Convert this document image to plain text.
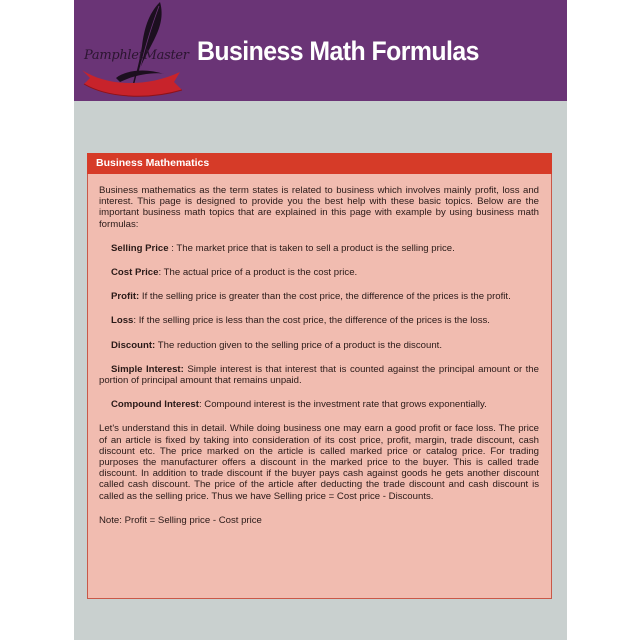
PamphletMaster Business Math Formulas
Business Mathematics

Business mathematics as the term states is related to business which involves mainly profit, loss and interest. This page is designed to provide you the best help with these basic topics. Below are the important business math topics that are explained in this page with example by using business math formulas:

Selling Price : The market price that is taken to sell a product is the selling price.

Cost Price: The actual price of a product is the cost price.

Profit: If the selling price is greater than the cost price, the difference of the prices is the profit.

Loss: If the selling price is less than the cost price, the difference of the prices is the loss.

Discount: The reduction given to the selling price of a product is the discount.

Simple Interest: Simple interest is that interest that is counted against the principal amount or the portion of principal amount that remains unpaid.

Compound Interest: Compound interest is the investment rate that grows exponentially.

Let's understand this in detail. While doing business one may earn a good profit or face loss. The price of an article is fixed by taking into consideration of its cost price, profit, margin, trade discount, cash discount etc. The price marked on the article is called marked price or catalog price. For trading purposes the manufacturer offers a discount in the marked price to the buyer. This is called trade discount. In addition to trade discount if the buyer pays cash against goods he gets another discount called cash discount. The price of the article after deducting the trade discount and cash discount is called as the selling price. Thus we have Selling price = Cost price - Discounts.

Note: Profit = Selling price - Cost price
